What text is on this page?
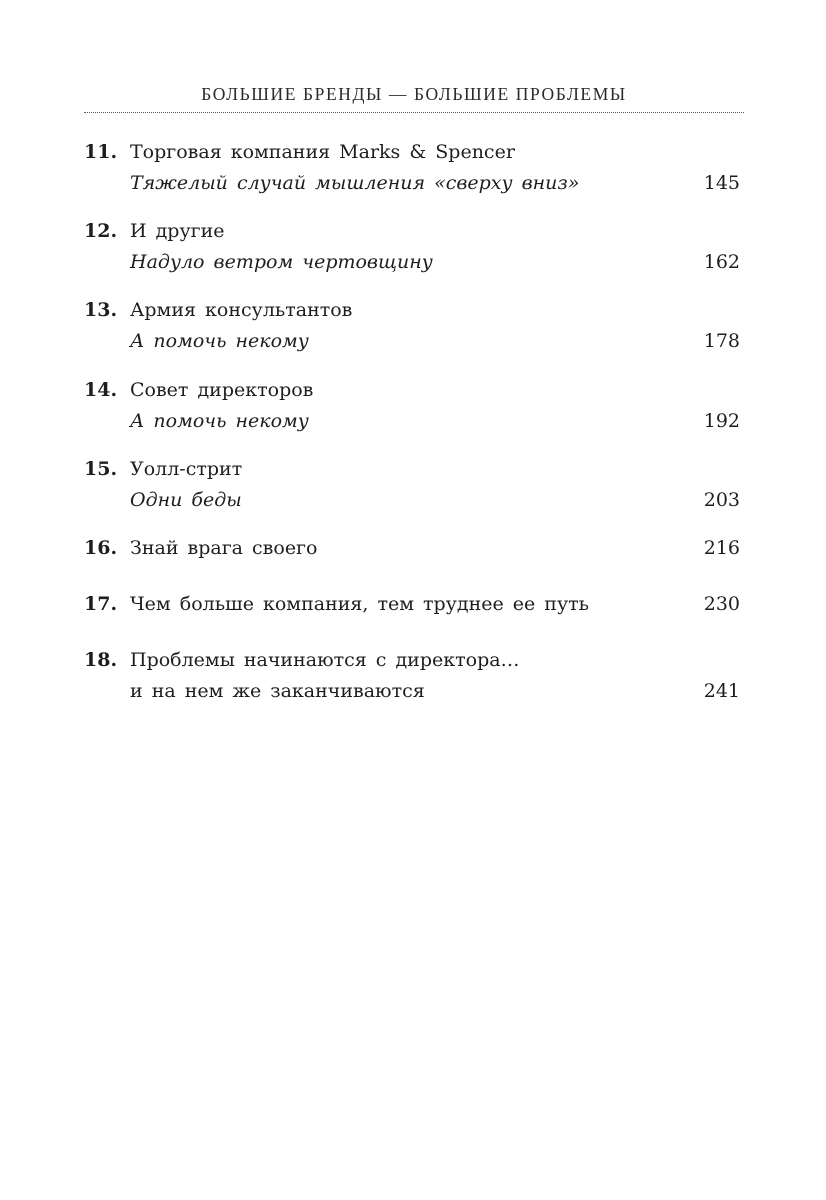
БОЛЬШИЕ БРЕНДЫ — БОЛЬШИЕ ПРОБЛЕМЫ
11. Торговая компания Marks & Spencer
Тяжелый случай мышления «сверху вниз»	145
12. И другие
Надуло ветром чертовщину	162
13. Армия консультантов
А помочь некому	178
14. Совет директоров
А помочь некому	192
15. Уолл-стрит
Одни беды	203
16. Знай врага своего	216
17. Чем больше компания, тем труднее ее путь	230
18. Проблемы начинаются с директора…
и на нем же заканчиваются	241
